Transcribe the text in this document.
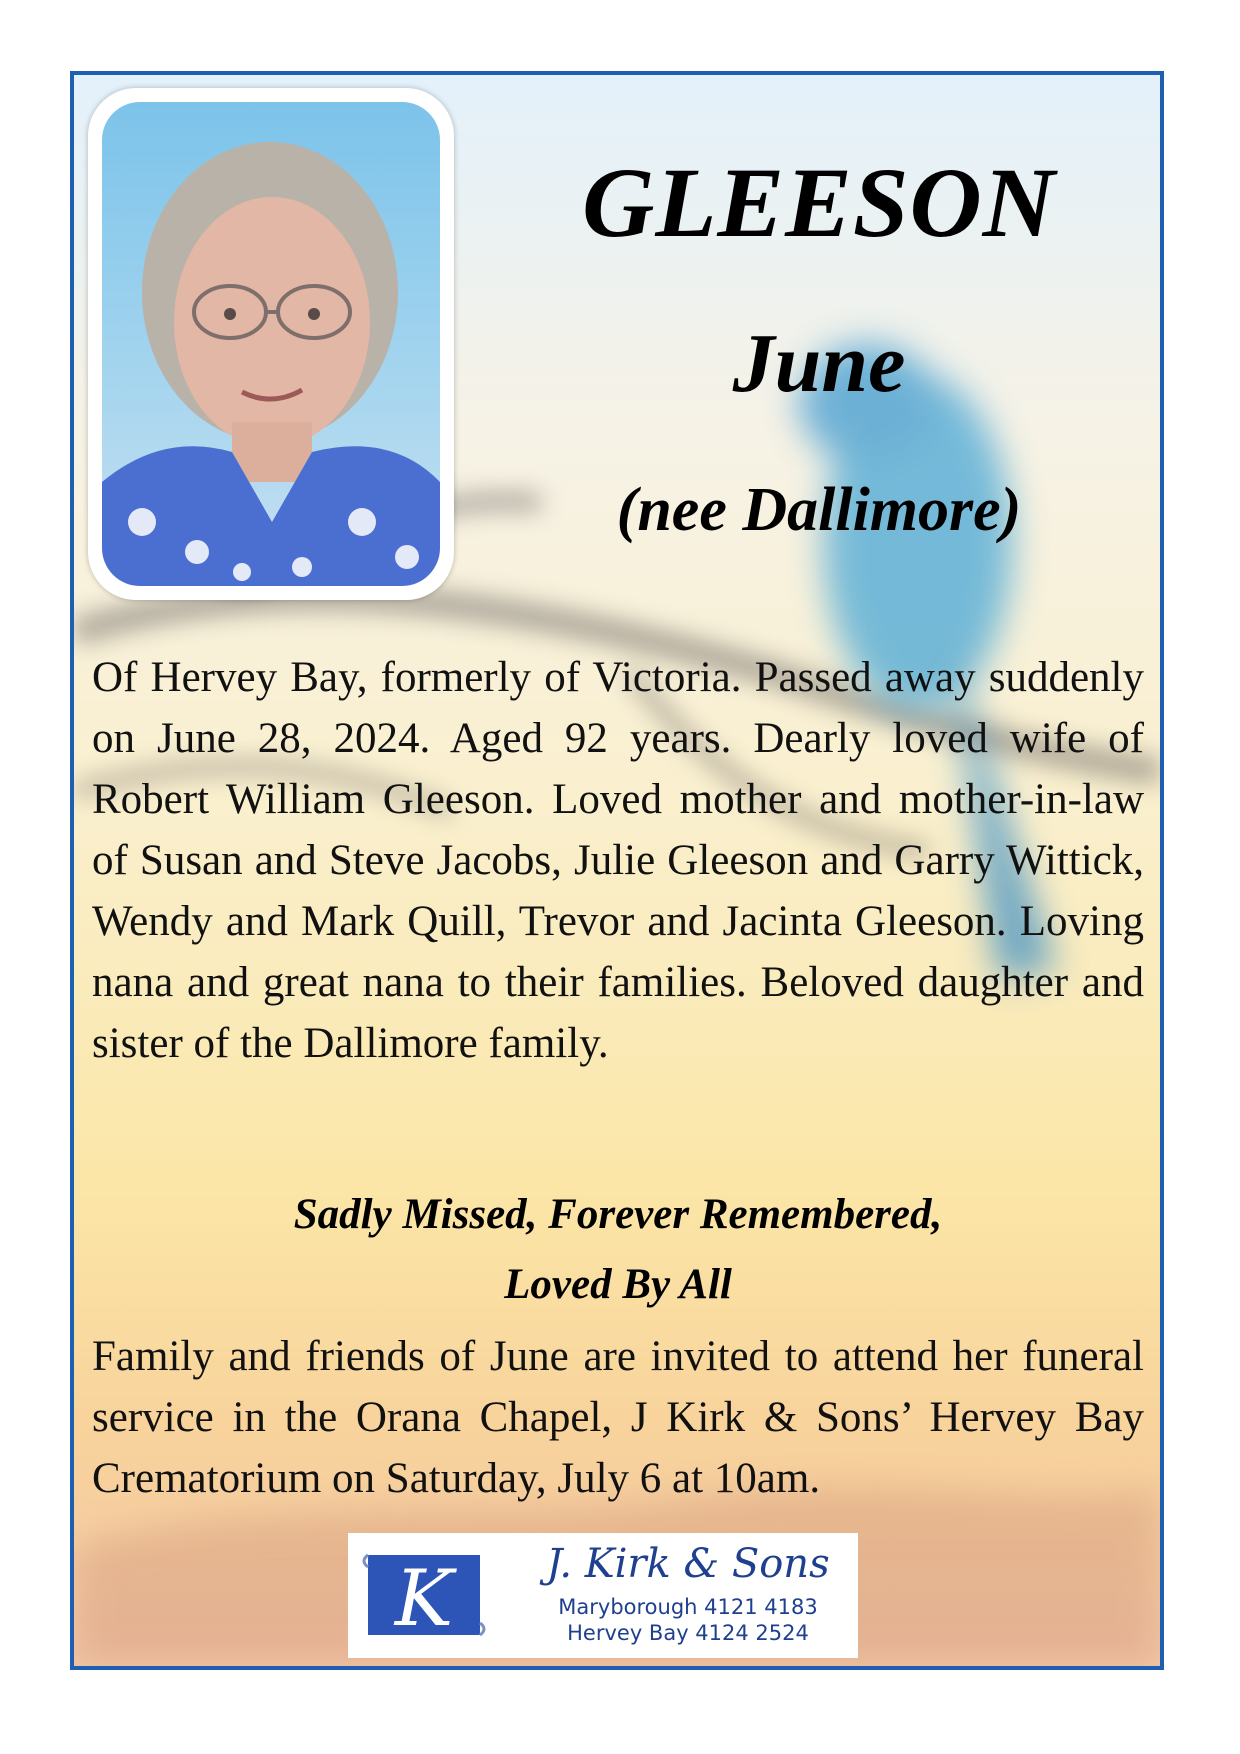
GLEESON
June
(nee Dallimore)
Of Hervey Bay, formerly of Victoria. Passed away suddenly on June 28, 2024. Aged 92 years. Dearly loved wife of Robert William Gleeson. Loved mother and mother-in-law of Susan and Steve Jacobs, Julie Gleeson and Garry Wittick, Wendy and Mark Quill, Trevor and Jacinta Gleeson. Loving nana and great nana to their families. Beloved daughter and sister of the Dallimore family.
Sadly Missed, Forever Remembered,
Loved By All
Family and friends of June are invited to attend her funeral service in the Orana Chapel, J Kirk & Sons’ Hervey Bay Crematorium on Saturday, July 6 at 10am.
K	J. Kirk & Sons
Maryborough 4121 4183
Hervey Bay 4124 2524
